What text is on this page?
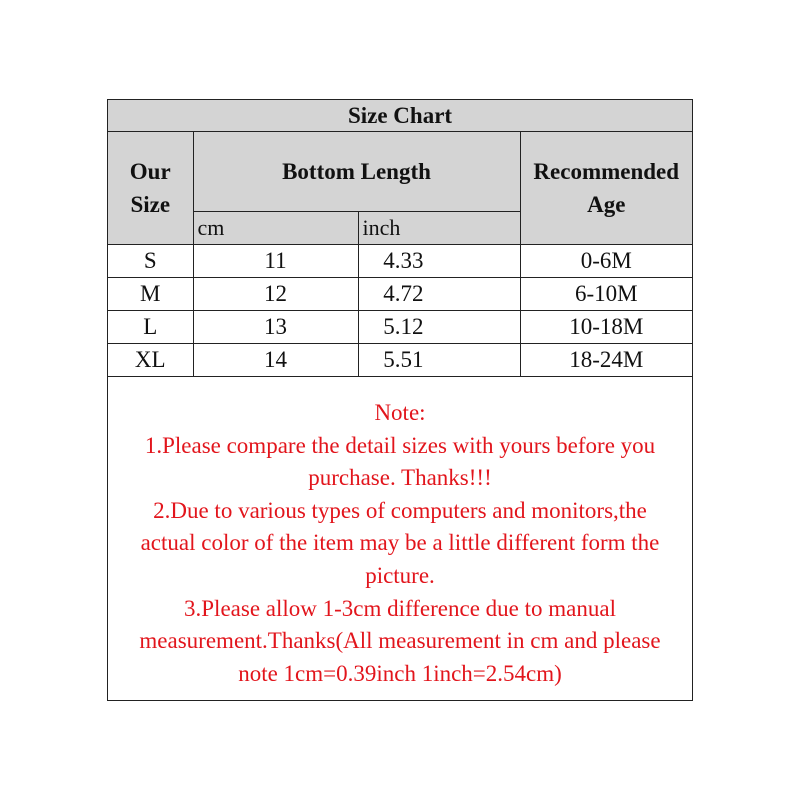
Size Chart			
Our
Size	Bottom Length		Recommended
Age
	cm	inch	
S	11	4.33	0-6M
M	12	4.72	6-10M
L	13	5.12	10-18M
XL	14	5.51	18-24M
Note:
1.Please compare the detail sizes with yours before you
purchase. Thanks!!!
2.Due to various types of computers and monitors,the
actual color of the item may be a little different form the
picture.
3.Please allow 1-3cm difference due to manual
measurement.Thanks(All measurement in cm and please
note 1cm=0.39inch 1inch=2.54cm)
